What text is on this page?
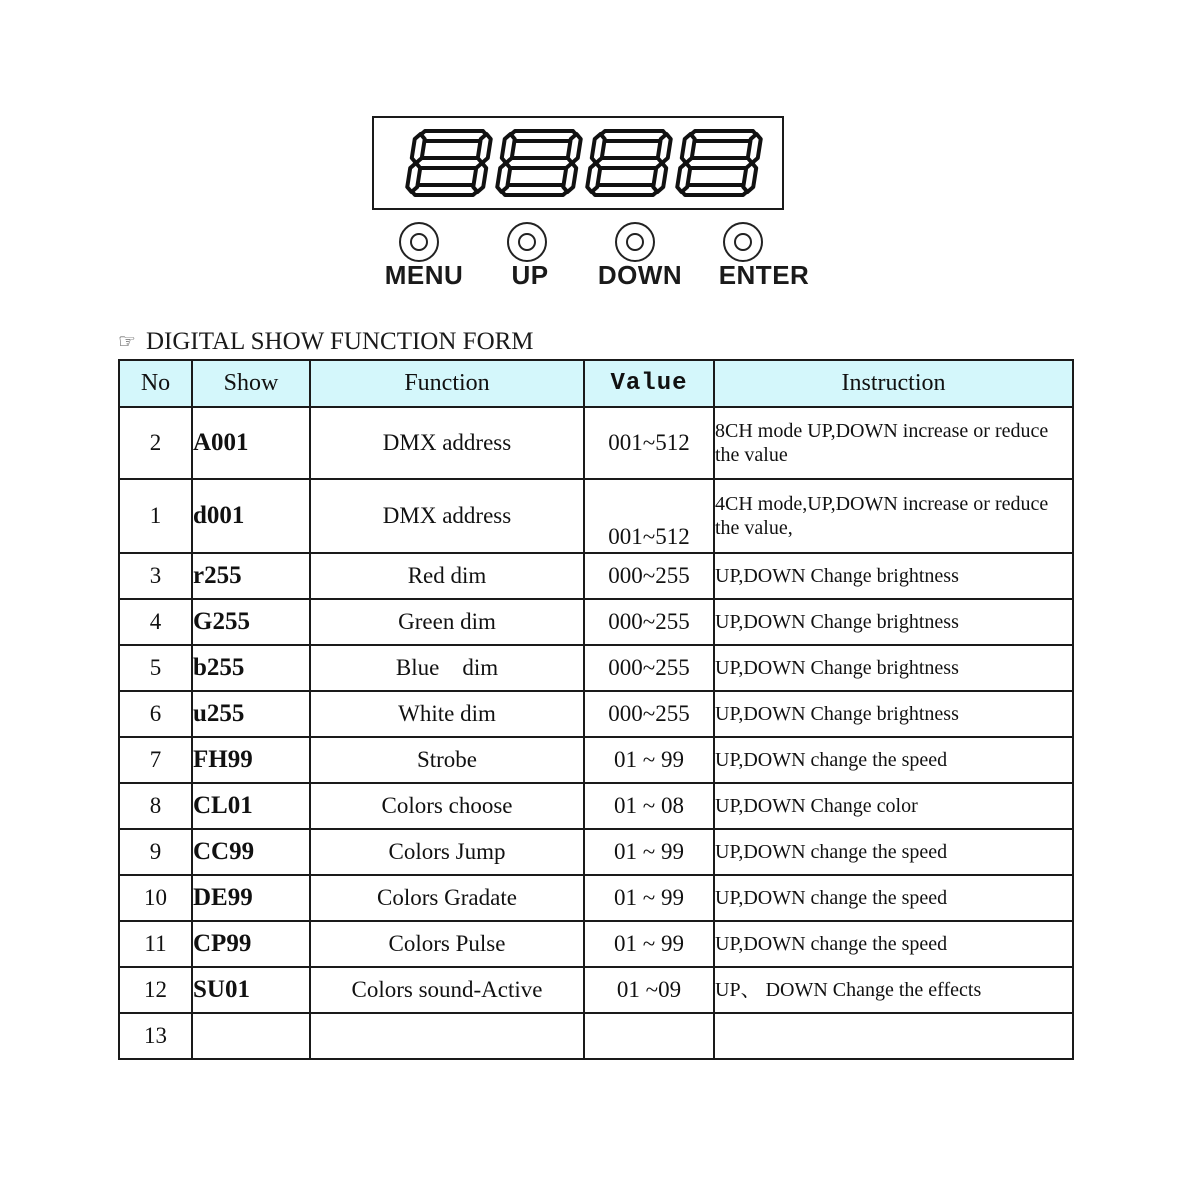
MENU	UP	DOWN	ENTER
☞ DIGITAL SHOW FUNCTION FORM
No	Show	Function	Value	Instruction
2	A001	DMX address	001~512	8CH mode UP,DOWN increase or reduce the value
1	d001	DMX address	001~512	4CH mode,UP,DOWN increase or reduce the value,
3	r255	Red dim	000~255	UP,DOWN Change brightness
4	G255	Green dim	000~255	UP,DOWN Change brightness
5	b255	Blue    dim	000~255	UP,DOWN Change brightness
6	u255	White dim	000~255	UP,DOWN Change brightness
7	FH99	Strobe	01 ~ 99	UP,DOWN change the speed
8	CL01	Colors choose	01 ~ 08	UP,DOWN Change color
9	CC99	Colors Jump	01 ~ 99	UP,DOWN change the speed
10	DE99	Colors Gradate	01 ~ 99	UP,DOWN change the speed
11	CP99	Colors Pulse	01 ~ 99	UP,DOWN change the speed
12	SU01	Colors sound-Active	01 ~09	UP、 DOWN Change the effects
13				
